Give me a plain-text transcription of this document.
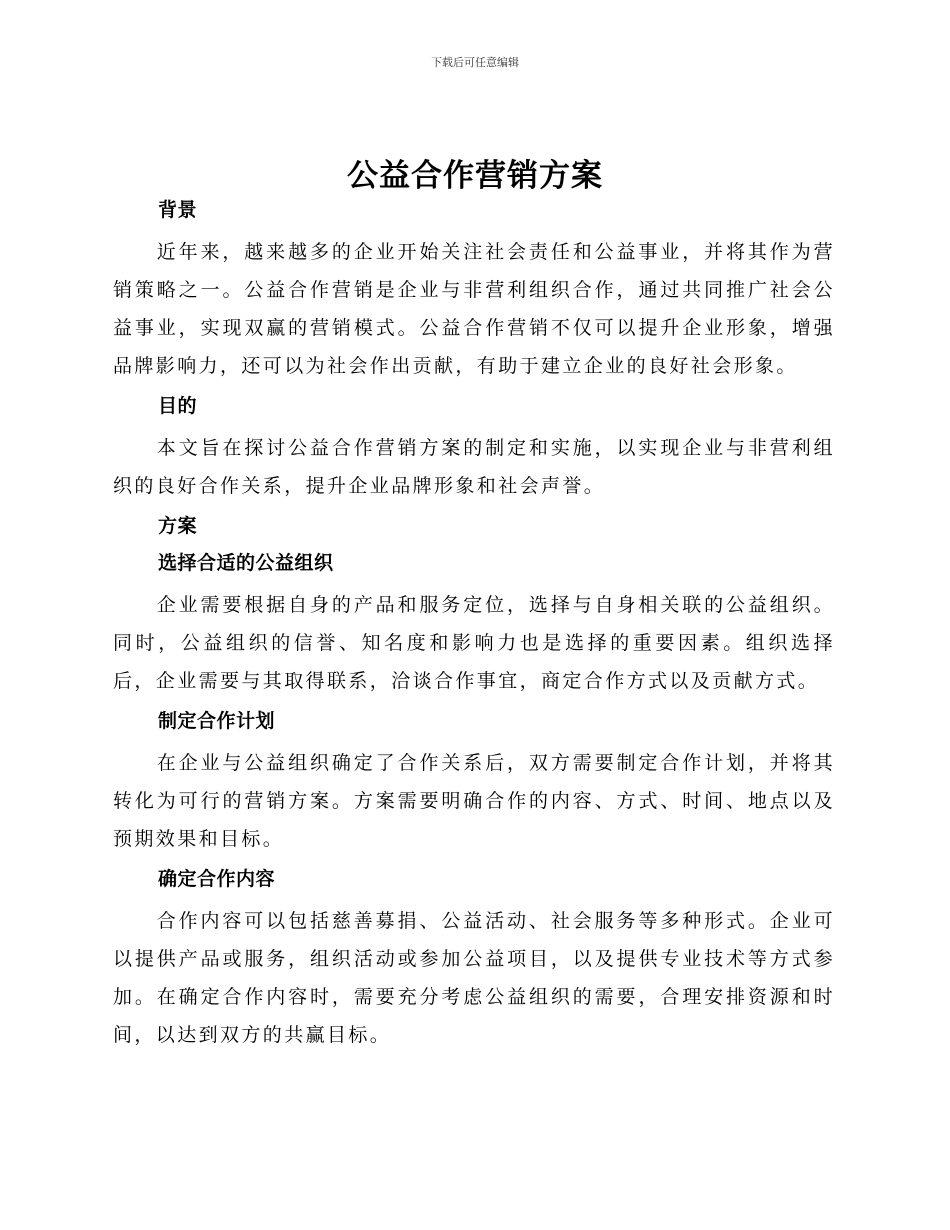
下载后可任意编辑
公益合作营销方案
背景

近年来，越来越多的企业开始关注社会责任和公益事业，并将其作为营销策略之一。公益合作营销是企业与非营利组织合作，通过共同推广社会公益事业，实现双赢的营销模式。公益合作营销不仅可以提升企业形象，增强品牌影响力，还可以为社会作出贡献，有助于建立企业的良好社会形象。

目的

本文旨在探讨公益合作营销方案的制定和实施，以实现企业与非营利组织的良好合作关系，提升企业品牌形象和社会声誉。

方案
选择合适的公益组织

企业需要根据自身的产品和服务定位，选择与自身相关联的公益组织。同时，公益组织的信誉、知名度和影响力也是选择的重要因素。组织选择后，企业需要与其取得联系，洽谈合作事宜，商定合作方式以及贡献方式。

制定合作计划

在企业与公益组织确定了合作关系后，双方需要制定合作计划，并将其转化为可行的营销方案。方案需要明确合作的内容、方式、时间、地点以及预期效果和目标。

确定合作内容

合作内容可以包括慈善募捐、公益活动、社会服务等多种形式。企业可以提供产品或服务，组织活动或参加公益项目，以及提供专业技术等方式参加。在确定合作内容时，需要充分考虑公益组织的需要，合理安排资源和时间，以达到双方的共赢目标。
